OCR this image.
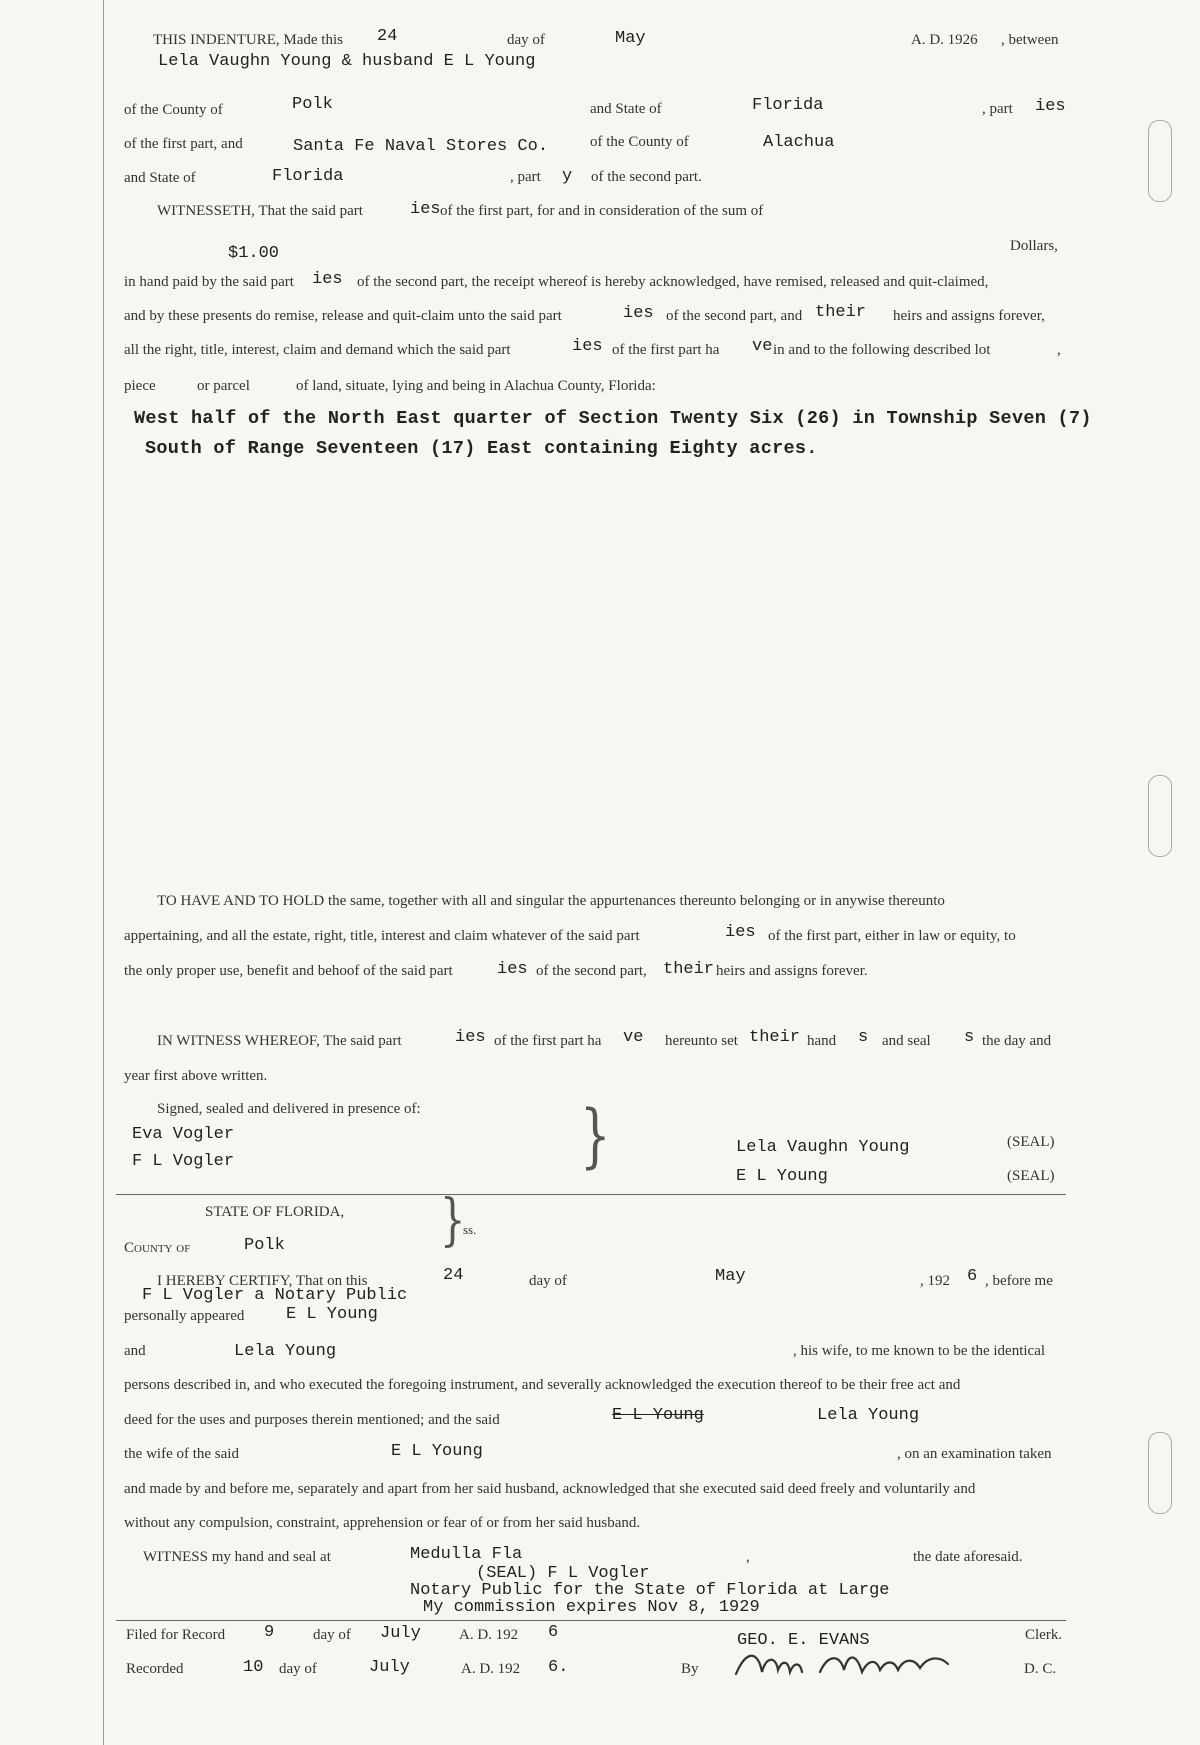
THIS INDENTURE, Made this 24	day of	May	A. D. 1926 , between
Lela Vaughn Young & husband E L Young
of the County of	Polk	and State of	Florida	, part ies
of the first part, and	Santa Fe Naval Stores Co.	of the County of	Alachua
and State of	Florida	, part y of the second part.
WITNESSETH, That the said part	ies of the first part, for and in consideration of the sum of
$1.00	Dollars,
in hand paid by the said part ies of the second part, the receipt whereof is hereby acknowledged, have remised, released and quit-claimed,
and by these presents do remise, release and quit-claim unto the said part	ies of the second part, and their heirs and assigns forever,
all the right, title, interest, claim and demand which the said part	ies of the first part ha ve in and to the following described lot	,
piece	or parcel	of land, situate, lying and being in Alachua County, Florida:
West half of the North East quarter of Section Twenty Six (26) in Township Seven (7)
South of Range Seventeen (17) East containing Eighty acres.
TO HAVE AND TO HOLD the same, together with all and singular the appurtenances thereunto belonging or in anywise thereunto
appertaining, and all the estate, right, title, interest and claim whatever of the said part	ies of the first part, either in law or equity, to
the only proper use, benefit and behoof of the said part	ies of the second part, their heirs and assigns forever.
IN WITNESS WHEREOF, The said part	ies of the first part ha ve hereunto set their hand s and seal s the day and
year first above written.
Signed, sealed and delivered in presence of:
Eva Vogler
F L Vogler	}	Lela Vaughn Young	(SEAL)
E L Young	(SEAL)
STATE OF FLORIDA, }
ss.
County of	Polk
I HEREBY CERTIFY, That on this	24	day of	May	, 192 6 , before me
F L Vogler a Notary Public
personally appeared E L Young
and	Lela Young	, his wife, to me known to be the identical
persons described in, and who executed the foregoing instrument, and severally acknowledged the execution thereof to be their free act and
deed for the uses and purposes therein mentioned; and the said	E L Young	Lela Young
the wife of the said	E L Young	, on an examination taken
and made by and before me, separately and apart from her said husband, acknowledged that she executed said deed freely and voluntarily and
without any compulsion, constraint, apprehension or fear of or from her said husband.
WITNESS my hand and seal at	Medulla Fla	,	the date aforesaid.
(SEAL) F L Vogler
Notary Public for the State of Florida at Large
My commission expires Nov 8, 1929
Filed for Record 9	day of July	A. D. 192 6	GEO. E. EVANS	Clerk.
Recorded	10 day of	July	A. D. 192 6.	By	D. C.
